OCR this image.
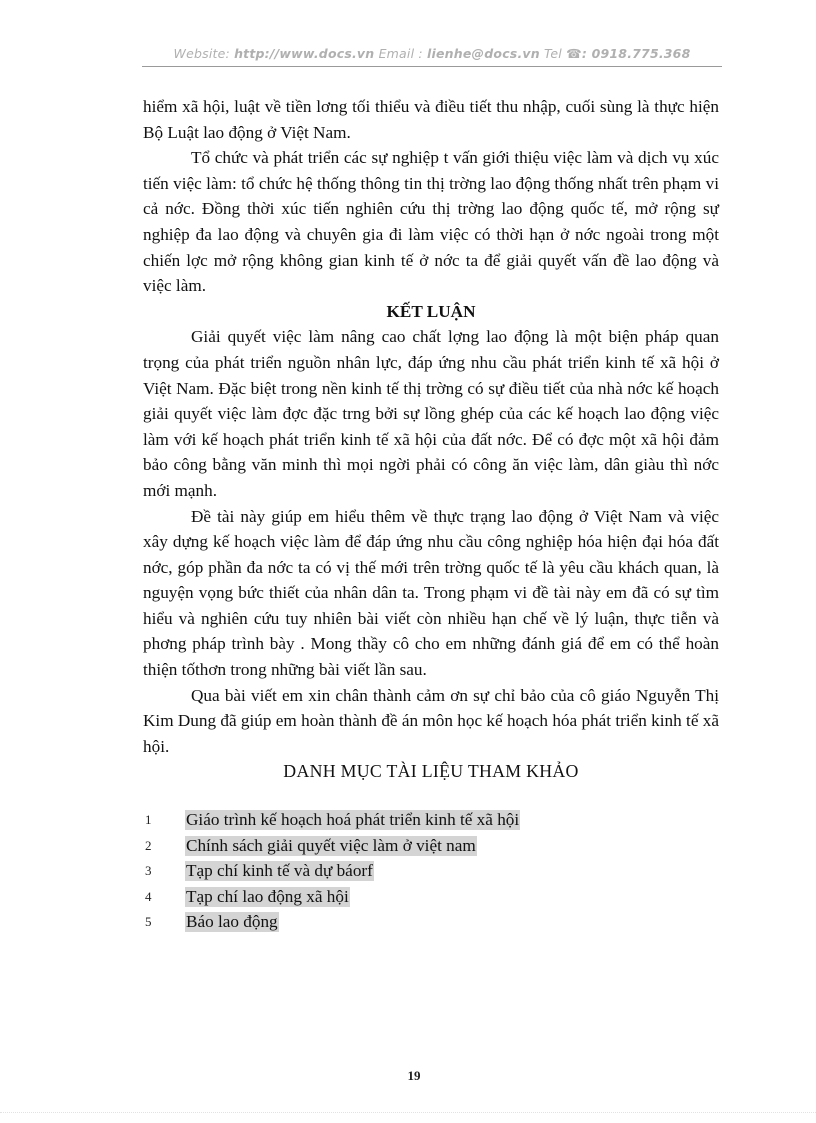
Website: http://www.docs.vn Email : lienhe@docs.vn Tel ☎: 0918.775.368

hiểm xã hội, luật về tiền lơng tối thiểu và điều tiết thu nhập, cuối sùng là thực hiện Bộ Luật lao động ở Việt Nam.

Tổ chức và phát triển các sự nghiệp t vấn giới thiệu việc làm và dịch vụ xúc tiến việc làm: tổ chức hệ thống thông tin thị trờng lao động thống nhất trên phạm vi cả nớc. Đồng thời xúc tiến nghiên cứu thị trờng lao động quốc tế, mở rộng sự nghiệp đa lao động và chuyên gia đi làm việc có thời hạn ở nớc ngoài trong một chiến lợc mở rộng không gian kinh tế ở nớc ta để giải quyết vấn đề lao động và việc làm.

KẾT LUẬN

Giải quyết việc làm nâng cao chất lợng lao động là một biện pháp quan trọng của phát triển nguồn nhân lực, đáp ứng nhu cầu phát triển kinh tế xã hội ở Việt Nam. Đặc biệt trong nền kinh tế thị trờng có sự điều tiết của nhà nớc kế hoạch giải quyết việc làm đợc đặc trng bởi sự lồng ghép của các kế hoạch lao động việc làm với kế hoạch phát triển kinh tế xã hội của đất nớc. Để có đợc một xã hội đảm bảo công bằng văn minh thì mọi ngời phải có công ăn việc làm, dân giàu thì nớc mới mạnh.

Đề tài này giúp em hiểu thêm về thực trạng lao động ở Việt Nam và việc xây dựng kế hoạch việc làm để đáp ứng nhu cầu công nghiệp hóa hiện đại hóa đất nớc, góp phần đa nớc ta có vị thế mới trên trờng quốc tế là yêu cầu khách quan, là nguyện vọng bức thiết của nhân dân ta. Trong phạm vi đề tài này em đã có sự tìm hiểu và nghiên cứu tuy nhiên bài viết còn nhiều hạn chế về lý luận, thực tiễn và phơng pháp trình bày . Mong thầy cô cho em những đánh giá để em có thể hoàn thiện tốthơn trong những bài viết lần sau.

Qua bài viết em xin chân thành cảm ơn sự chỉ bảo của cô giáo Nguyễn Thị Kim Dung đã giúp em hoàn thành đề án môn học kế hoạch hóa phát triển kinh tế xã hội.

DANH MỤC TÀI LIỆU THAM KHẢO

1 Giáo trình kế hoạch hoá phát triển kinh tế xã hội
2 Chính sách giải quyết việc làm ở việt nam
3 Tạp chí kinh tế và dự báorf
4 Tạp chí lao động xã hội
5 Báo lao động
19
